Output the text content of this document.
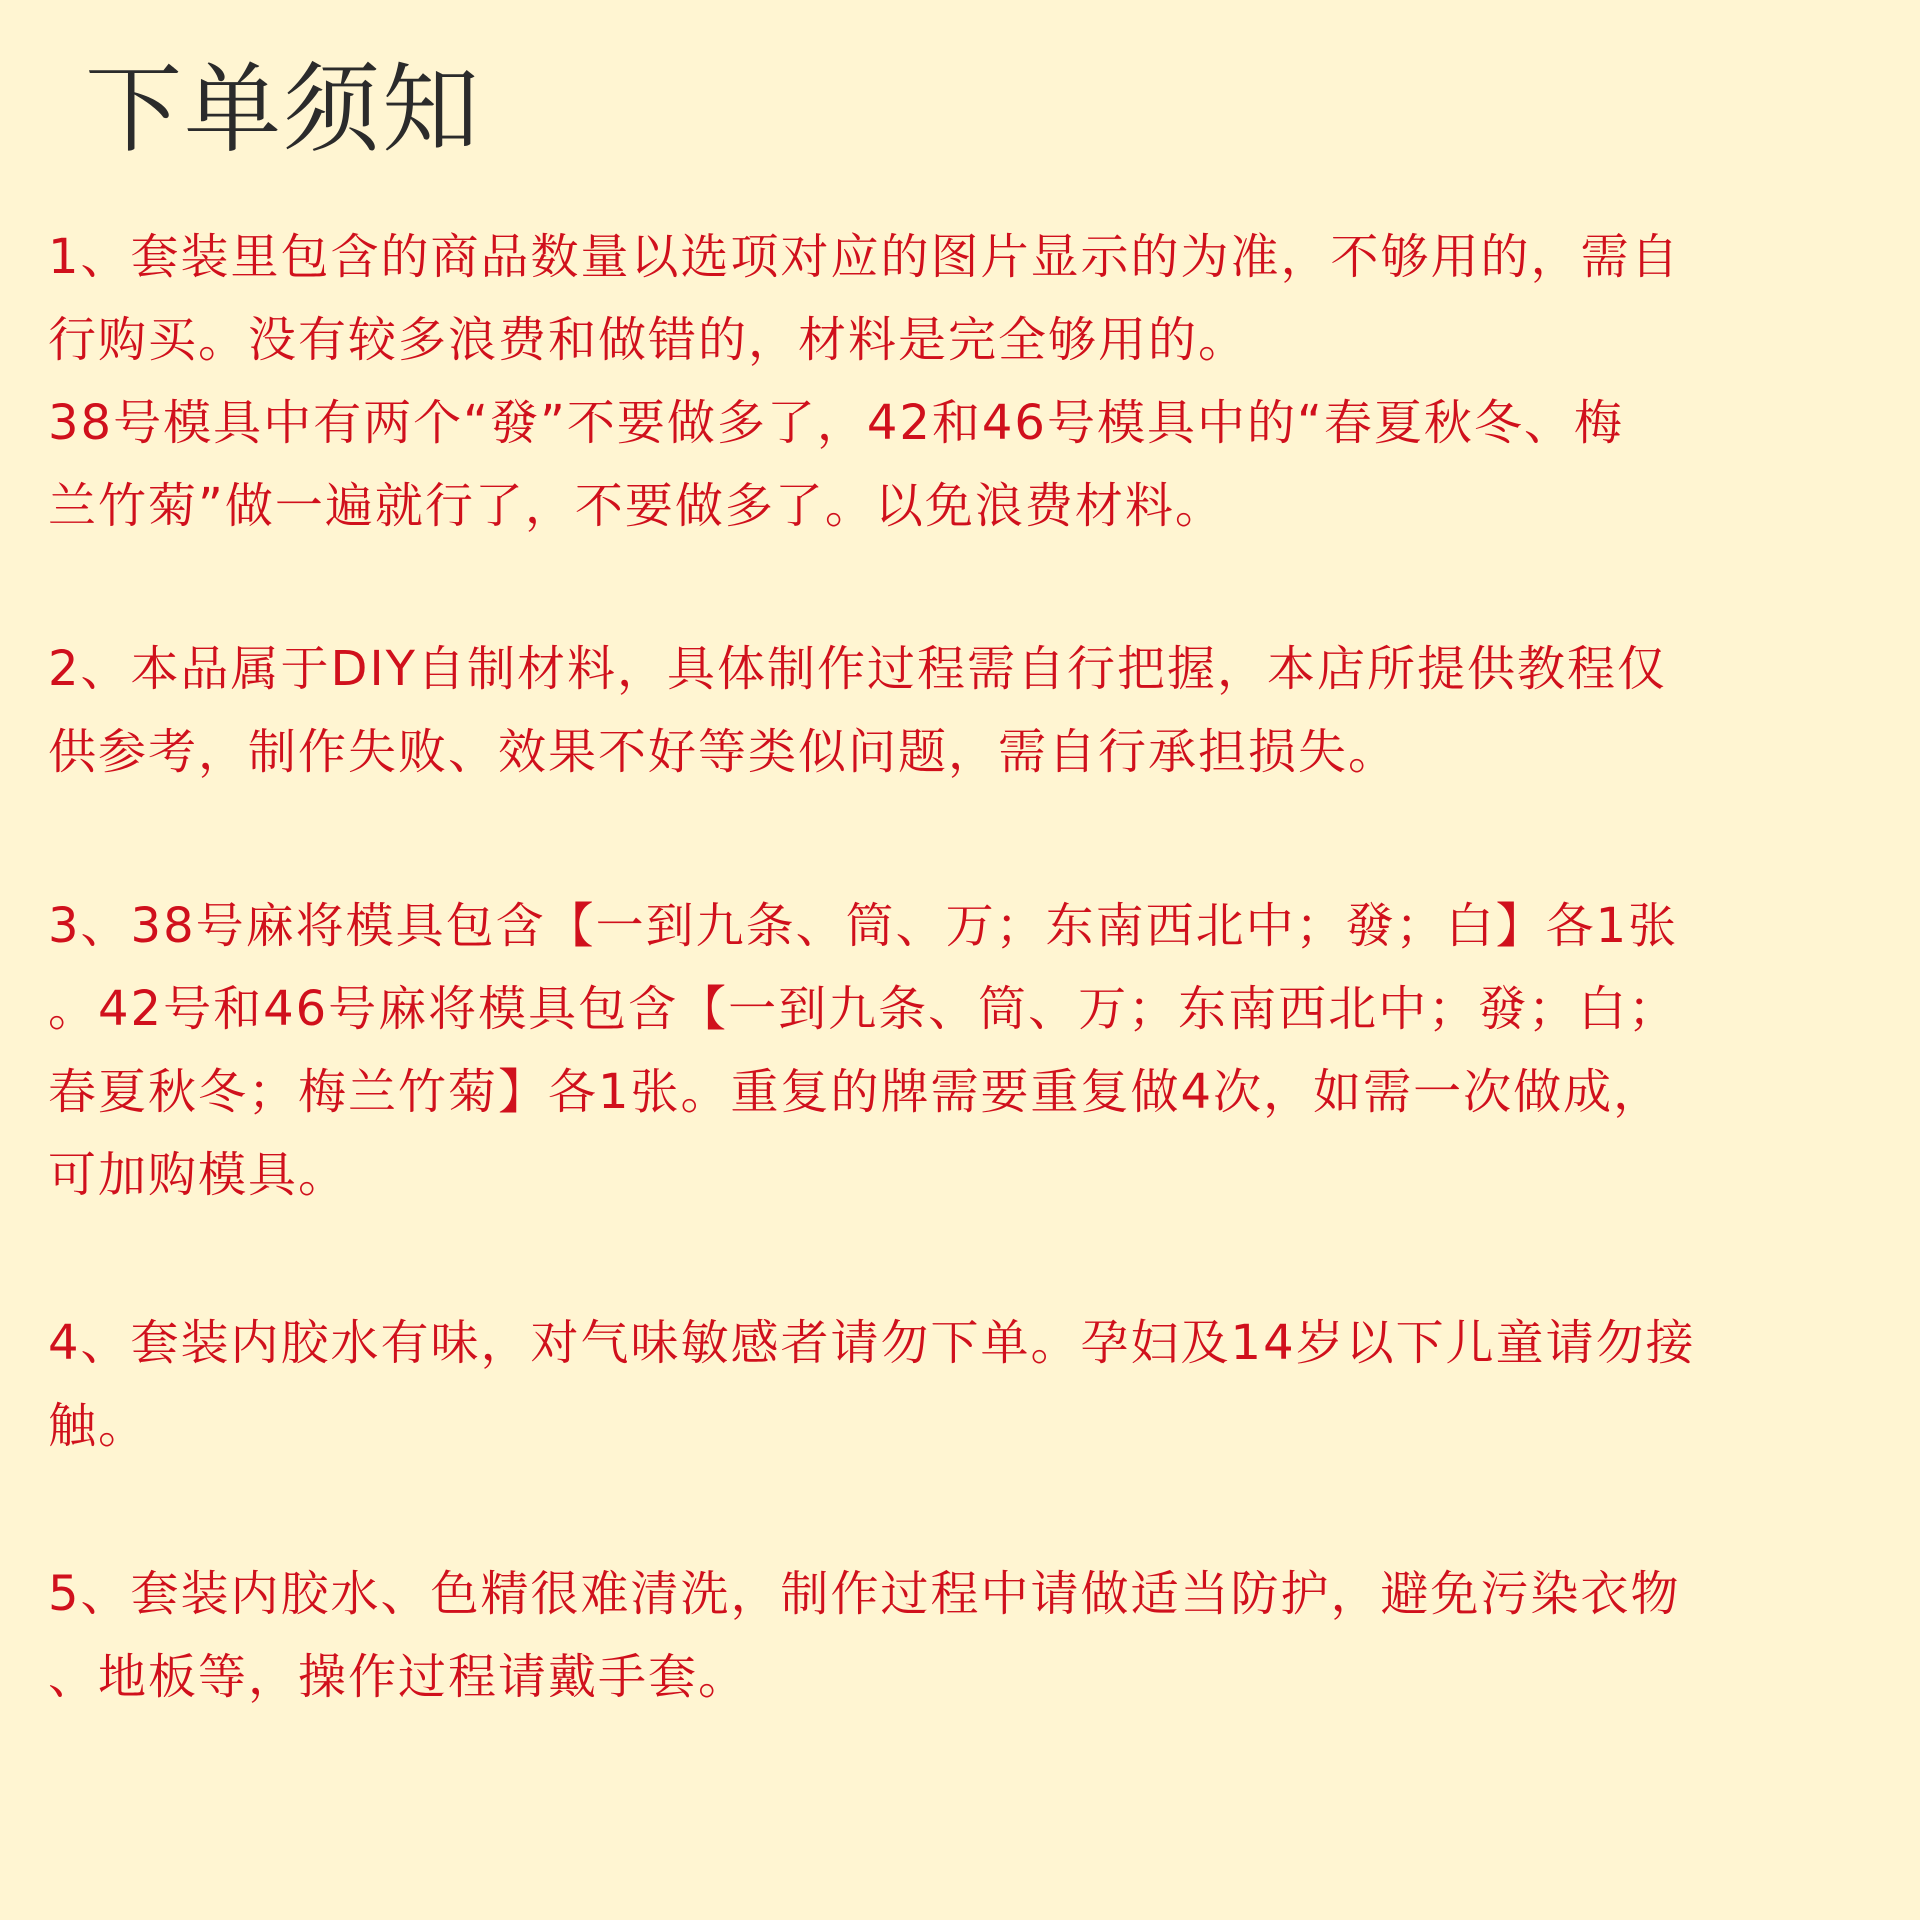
下单须知
1、套装里包含的商品数量以选项对应的图片显示的为准，不够用的，需自
行购买。没有较多浪费和做错的，材料是完全够用的。
38号模具中有两个“發”不要做多了，42和46号模具中的“春夏秋冬、梅
兰竹菊”做一遍就行了，不要做多了。以免浪费材料。
2、本品属于DIY自制材料，具体制作过程需自行把握，本店所提供教程仅
供参考，制作失败、效果不好等类似问题，需自行承担损失。
3、38号麻将模具包含【一到九条、筒、万；东南西北中；發；白】各1张
。42号和46号麻将模具包含【一到九条、筒、万；东南西北中；發；白；
春夏秋冬；梅兰竹菊】各1张。重复的牌需要重复做4次，如需一次做成，
可加购模具。
4、套装内胶水有味，对气味敏感者请勿下单。孕妇及14岁以下儿童请勿接
触。
5、套装内胶水、色精很难清洗，制作过程中请做适当防护，避免污染衣物
、地板等，操作过程请戴手套。
